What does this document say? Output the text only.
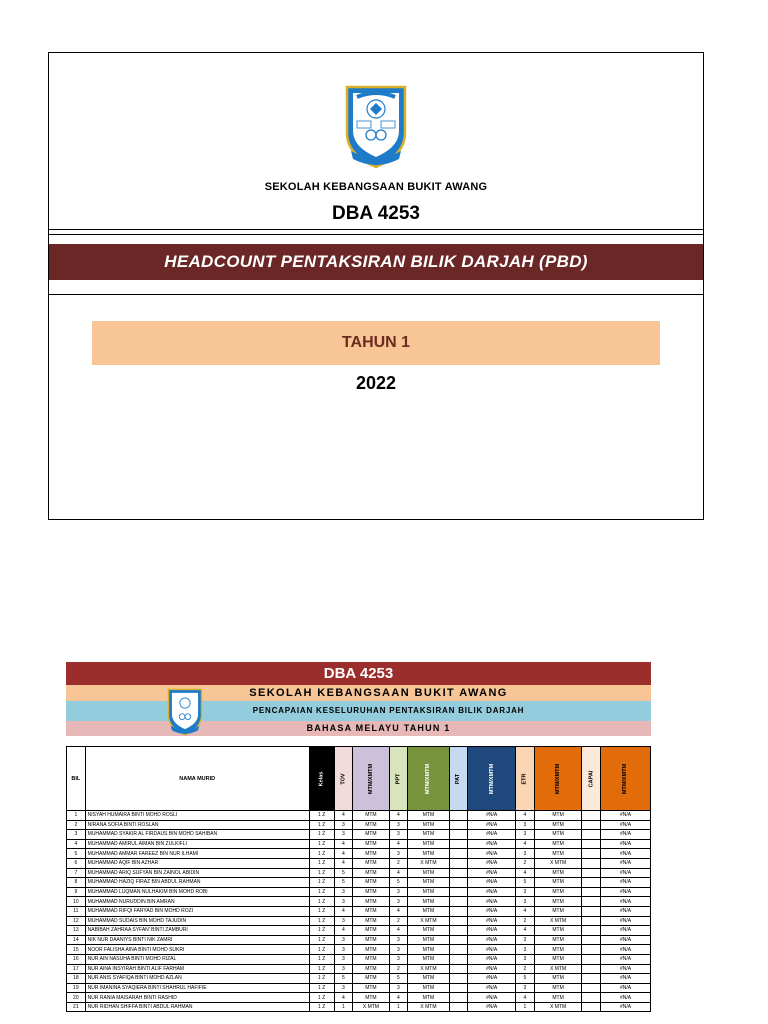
SEKOLAH KEBANGSAAN BUKIT AWANG
DBA 4253
HEADCOUNT PENTAKSIRAN BILIK DARJAH (PBD)
TAHUN 1
2022
DBA 4253
SEKOLAH KEBANGSAAN BUKIT AWANG
PENCAPAIAN KESELURUHAN PENTAKSIRAN BILIK DARJAH
BAHASA MELAYU TAHUN 1
BIL	NAMA MURID	Kelas	TOV	MTM/XMTM	PPT	MTM/XMTM	PAT	MTM/XMTM	ETR	MTM/XMTM	CAPAI	MTM/XMTM
1	NISYAH HUMAIRA BINTI MOHD ROSLI	1 Z	4	MTM	4	MTM		#N/A	4	MTM		#N/A
2	NIRANA SOFIA BINTI ROSLAN	1 Z	3	MTM	3	MTM		#N/A	3	MTM		#N/A
3	MUHAMMAD SYAKIR AL FIRDAUS BIN MOHD SAHIBAN	1 Z	3	MTM	3	MTM		#N/A	3	MTM		#N/A
4	MUHAMMAD AMIRUL AIMAN BIN ZULKIFLI	1 Z	4	MTM	4	MTM		#N/A	4	MTM		#N/A
5	MUHAMMAD AMMAR FAREEZ BIN NUR ILHAMI	1 Z	4	MTM	3	MTM		#N/A	3	MTM		#N/A
6	MUHAMMAD AQIF BIN AZHAR	1 Z	4	MTM	2	X MTM		#N/A	2	X MTM		#N/A
7	MUHAMMAD ARIQ SUFYAN BIN ZAINOL ABIDIN	1 Z	5	MTM	4	MTM		#N/A	4	MTM		#N/A
8	MUHAMMAD HAZIQ FIRAZ BIN ABDUL RAHMAN	1 Z	5	MTM	5	MTM		#N/A	5	MTM		#N/A
9	MUHAMMAD LUQMAN NULHAKIM BIN MOHD ROBI	1 Z	3	MTM	3	MTM		#N/A	3	MTM		#N/A
10	MUHAMMAD NURUDDIN BIN AMRAN	1 Z	3	MTM	3	MTM		#N/A	3	MTM		#N/A
11	MUHAMMAD RIFQI FARYAD BIN MOHD ROZI	1 Z	4	MTM	4	MTM		#N/A	4	MTM		#N/A
12	MUHAMMAD SUDAIS BIN MOHD TAJUDIN	1 Z	3	MTM	2	X MTM		#N/A	2	X MTM		#N/A
13	NABIBAH ZAHRAA SYFAN' BINTI ZAMBURI	1 Z	4	MTM	4	MTM		#N/A	4	MTM		#N/A
14	NIK NUR DAANIYS BINTI NIK ZAMRI	1 Z	3	MTM	3	MTM		#N/A	3	MTM		#N/A
15	NOOR FALISHA AINA BINTI MOHD SUKRI	1 Z	3	MTM	3	MTM		#N/A	3	MTM		#N/A
16	NUR AIN NASUHA BINTI MOHD RIZAL	1 Z	3	MTM	3	MTM		#N/A	3	MTM		#N/A
17	NUR AINA INSYIRAH BINTI ALIF FARHAM	1 Z	3	MTM	2	X MTM		#N/A	2	X MTM		#N/A
18	NUR ANIS SYAFIQA BINTI MOHD AZLAN	1 Z	5	MTM	5	MTM		#N/A	5	MTM		#N/A
19	NUR IMANINA SYAQIERA BINTI SHAHRUL HAFIFIE	1 Z	3	MTM	3	MTM		#N/A	3	MTM		#N/A
20	NUR RANIA MAISARAH BINTI RASHID	1 Z	4	MTM	4	MTM		#N/A	4	MTM		#N/A
21	NUR RIDHAN SHIFFA BINTI ABDUL RAHMAN	1 Z	1	X MTM	1	X MTM		#N/A	1	X MTM		#N/A
